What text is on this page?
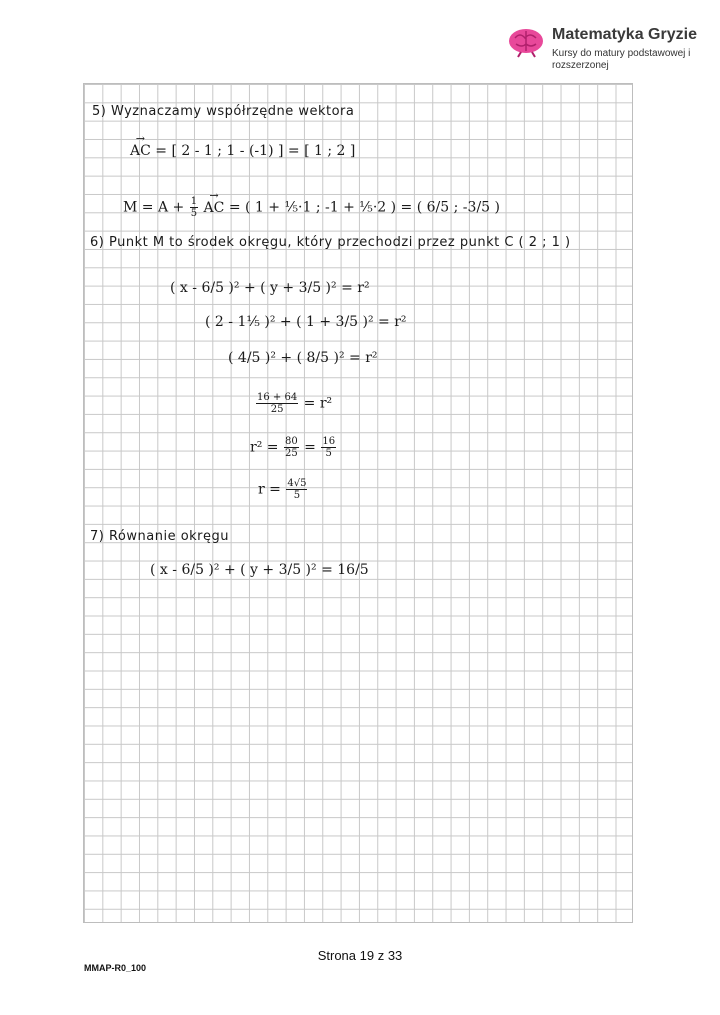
Matematyka Gryzie
Kursy do matury podstawowej i rozszerzonej
5) Wyznaczamy współrzędne wektora
→ AC = [ 2 - 1 ; 1 - (-1) ] = [ 1 ; 2 ]
$M = A + \frac{1}{5}$
→ AC = ( 1 + ⅕·1 ; -1 + ⅕·2 ) = ( 6/5 ; -3/5 )
6) Punkt M to środek okręgu, który przechodzi przez punkt C ( 2 ; 1 )
( x - 6/5 )² + ( y + 3/5 )² = r²
( 2 - 1⅕ )² + ( 1 + 3/5 )² = r²
( 4/5 )² + ( 8/5 )² = r²
$\frac{16 + 64}{25} = r^2$
$r^2 = \frac{80}{25} = \frac{16}{5}$
$r = \frac{4√5}{5}$
7) Równanie okręgu
( x - 6/5 )² + ( y + 3/5 )² = 16/5
Strona 19 z 33
MMAP-R0_100
